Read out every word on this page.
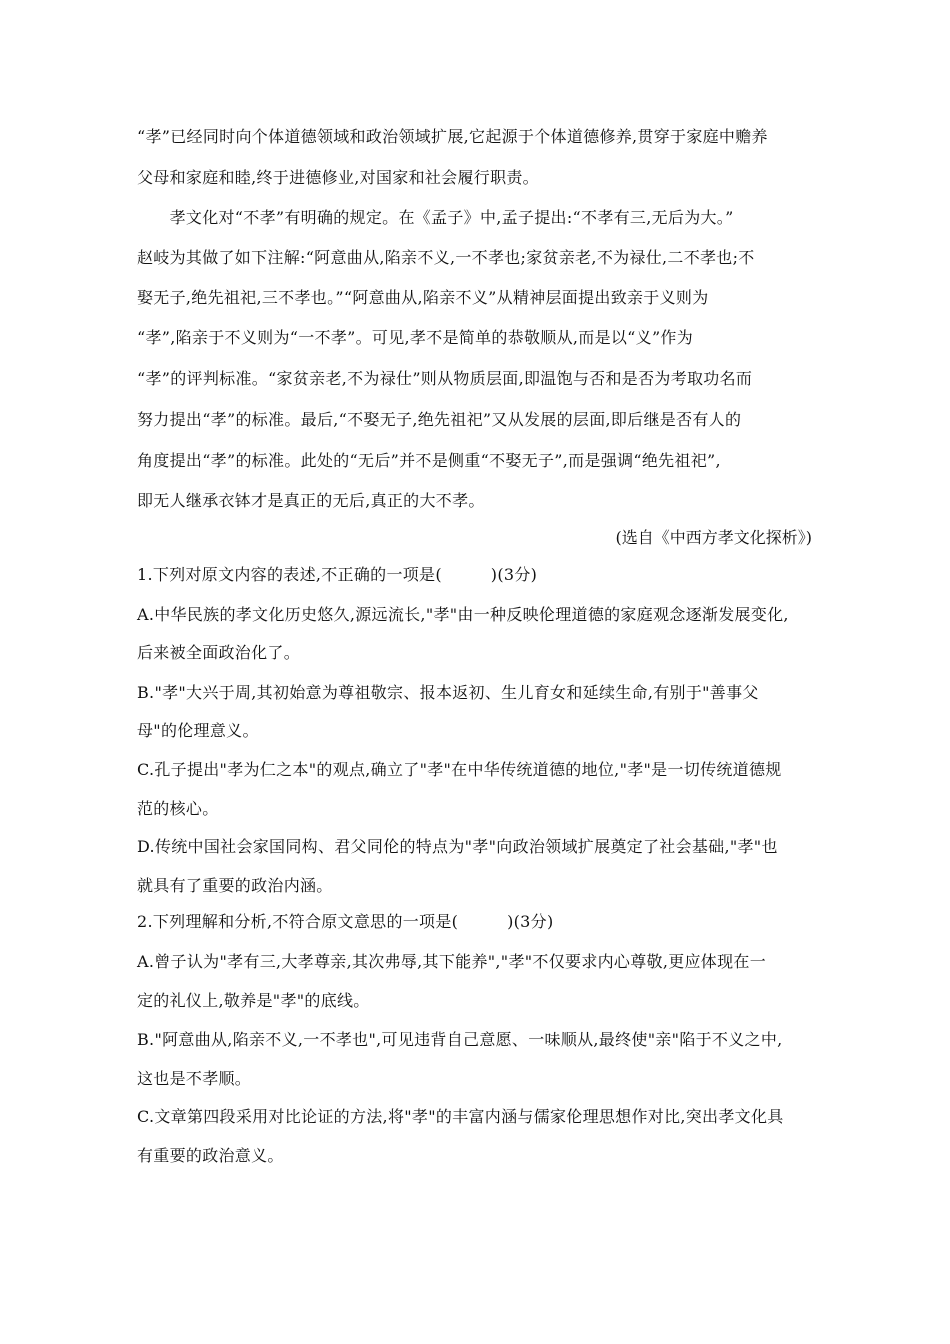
“孝”已经同时向个体道德领域和政治领域扩展,它起源于个体道德修养,贯穿于家庭中赡养
父母和家庭和睦,终于进德修业,对国家和社会履行职责。
　　孝文化对“不孝”有明确的规定。在《孟子》中,孟子提出:“不孝有三,无后为大。”
赵岐为其做了如下注解:“阿意曲从,陷亲不义,一不孝也;家贫亲老,不为禄仕,二不孝也;不
娶无子,绝先祖祀,三不孝也。”“阿意曲从,陷亲不义”从精神层面提出致亲于义则为
“孝”,陷亲于不义则为“一不孝”。可见,孝不是简单的恭敬顺从,而是以“义”作为
“孝”的评判标准。“家贫亲老,不为禄仕”则从物质层面,即温饱与否和是否为考取功名而
努力提出“孝”的标准。最后,“不娶无子,绝先祖祀”又从发展的层面,即后继是否有人的
角度提出“孝”的标准。此处的“无后”并不是侧重“不娶无子”,而是强调“绝先祖祀”,
即无人继承衣钵才是真正的无后,真正的大不孝。
(选自《中西方孝文化探析》)
1.下列对原文内容的表述,不正确的一项是(　　　)(3分)
A.中华民族的孝文化历史悠久,源远流长,"孝"由一种反映伦理道德的家庭观念逐渐发展变化,
后来被全面政治化了。
B."孝"大兴于周,其初始意为尊祖敬宗、报本返初、生儿育女和延续生命,有别于"善事父
母"的伦理意义。
C.孔子提出"孝为仁之本"的观点,确立了"孝"在中华传统道德的地位,"孝"是一切传统道德规
范的核心。
D.传统中国社会家国同构、君父同伦的特点为"孝"向政治领域扩展奠定了社会基础,"孝"也
就具有了重要的政治内涵。
2.下列理解和分析,不符合原文意思的一项是(　　　)(3分)
A.曾子认为"孝有三,大孝尊亲,其次弗辱,其下能养","孝"不仅要求内心尊敬,更应体现在一
定的礼仪上,敬养是"孝"的底线。
B."阿意曲从,陷亲不义,一不孝也",可见违背自己意愿、一味顺从,最终使"亲"陷于不义之中,
这也是不孝顺。
C.文章第四段采用对比论证的方法,将"孝"的丰富内涵与儒家伦理思想作对比,突出孝文化具
有重要的政治意义。
